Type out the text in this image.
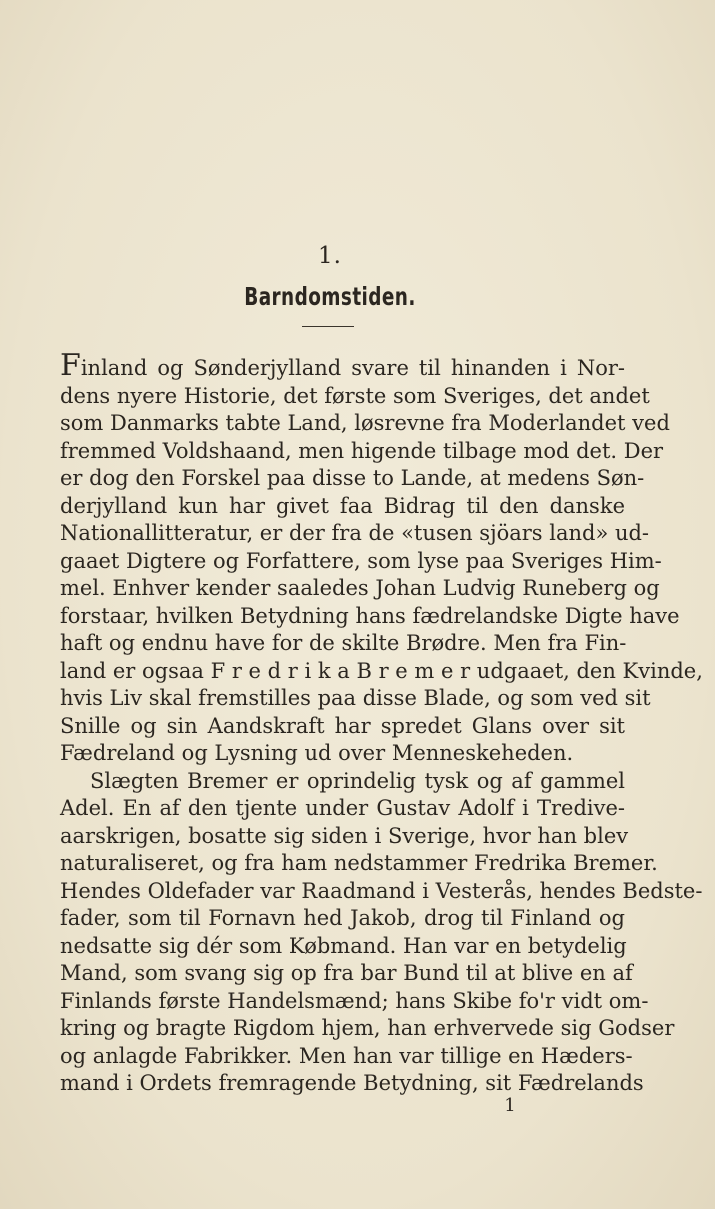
1.
Barndomstiden.
Finland og Sønderjylland svare til hinanden i Nor-
dens nyere Historie, det første som Sveriges, det andet
som Danmarks tabte Land, løsrevne fra Moderlandet ved
fremmed Voldshaand, men higende tilbage mod det. Der
er dog den Forskel paa disse to Lande, at medens Søn-
derjylland kun har givet faa Bidrag til den danske
Nationallitteratur, er der fra de «tusen sjöars land» ud-
gaaet Digtere og Forfattere, som lyse paa Sveriges Him-
mel. Enhver kender saaledes Johan Ludvig Runeberg og
forstaar, hvilken Betydning hans fædrelandske Digte have
haft og endnu have for de skilte Brødre. Men fra Fin-
land er ogsaa F r e d r i k a B r e m e r udgaaet, den Kvinde,
hvis Liv skal fremstilles paa disse Blade, og som ved sit
Snille og sin Aandskraft har spredet Glans over sit
Fædreland og Lysning ud over Menneskeheden.
Slægten Bremer er oprindelig tysk og af gammel
Adel. En af den tjente under Gustav Adolf i Tredive-
aarskrigen, bosatte sig siden i Sverige, hvor han blev
naturaliseret, og fra ham nedstammer Fredrika Bremer.
Hendes Oldefader var Raadmand i Vesterås, hendes Bedste-
fader, som til Fornavn hed Jakob, drog til Finland og
nedsatte sig dér som Købmand. Han var en betydelig
Mand, som svang sig op fra bar Bund til at blive en af
Finlands første Handelsmænd; hans Skibe fo'r vidt om-
kring og bragte Rigdom hjem, han erhvervede sig Godser
og anlagde Fabrikker. Men han var tillige en Hæders-
mand i Ordets fremragende Betydning, sit Fædrelands
1
